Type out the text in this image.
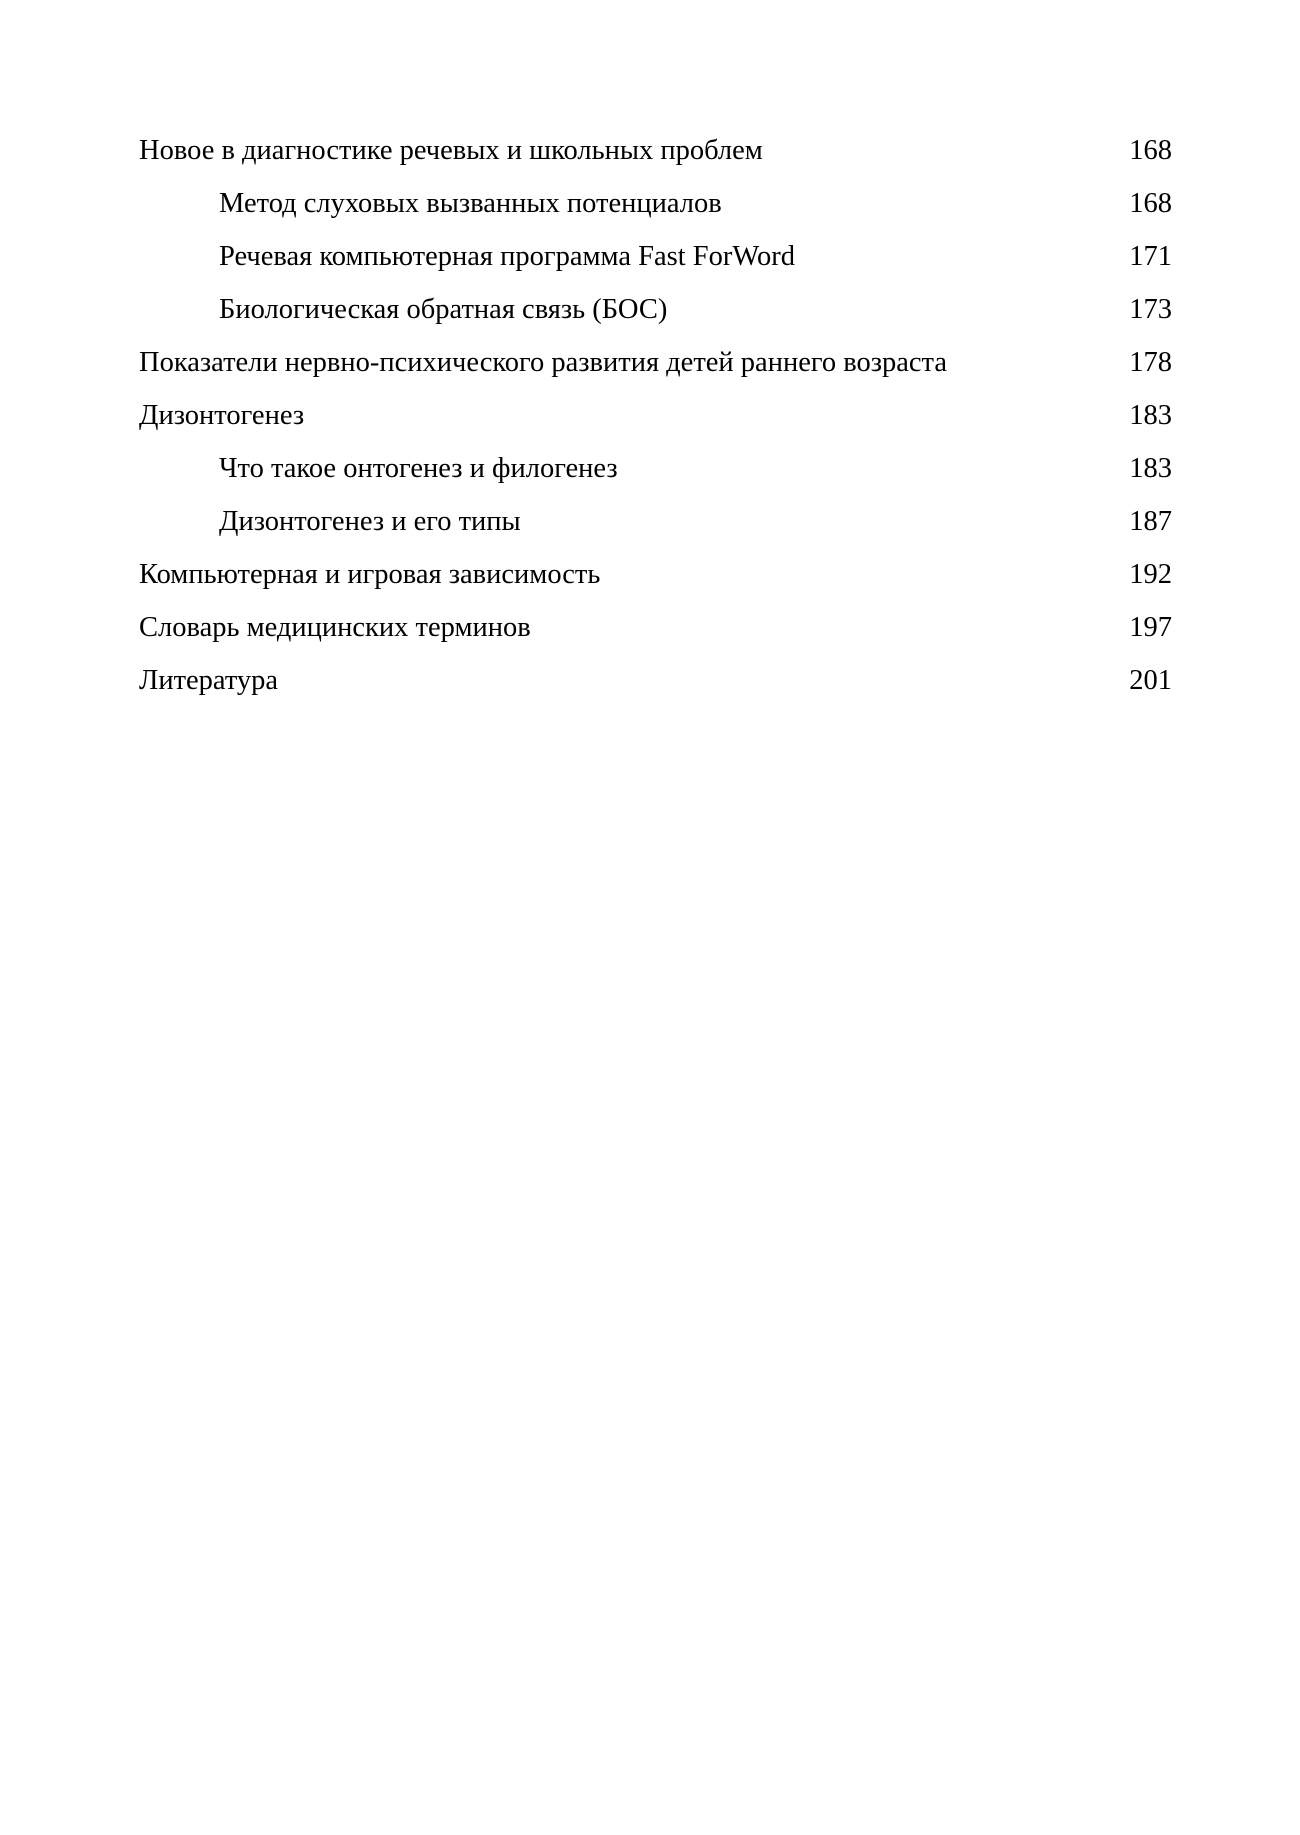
Новое в диагностике речевых и школьных проблем	168
Метод слуховых вызванных потенциалов	168
Речевая компьютерная программа Fast ForWord	171
Биологическая обратная связь (БОС)	173
Показатели нервно-психического развития детей раннего возраста	178
Дизонтогенез	183
Что такое онтогенез и филогенез	183
Дизонтогенез и его типы	187
Компьютерная и игровая зависимость	192
Словарь медицинских терминов	197
Литература	201
